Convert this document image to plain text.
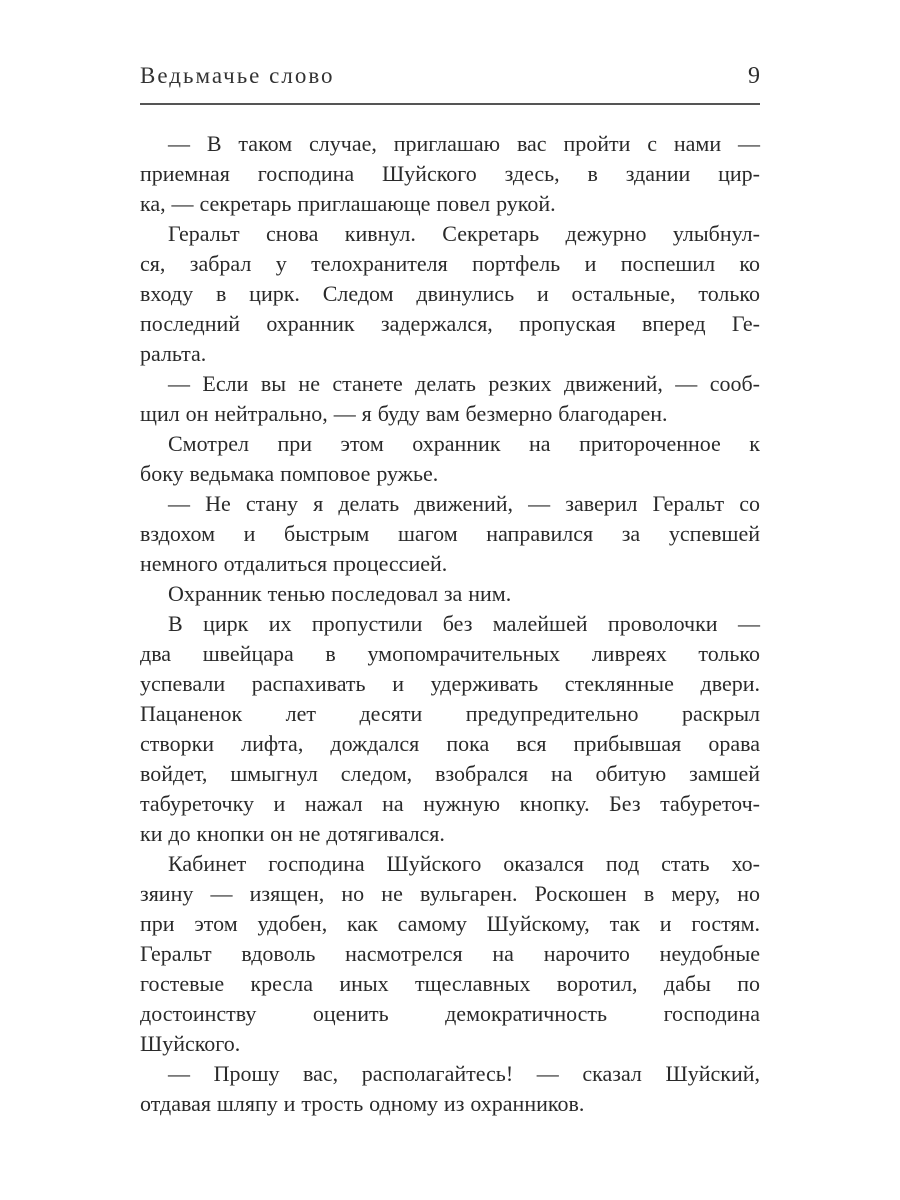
Ведьмачье слово	9
— В таком случае, приглашаю вас пройти с нами —
приемная господина Шуйского здесь, в здании цир-
ка, — секретарь приглашающе повел рукой.
Геральт снова кивнул. Секретарь дежурно улыбнул-
ся, забрал у телохранителя портфель и поспешил ко
входу в цирк. Следом двинулись и остальные, только
последний охранник задержался, пропуская вперед Ге-
ральта.
— Если вы не станете делать резких движений, — сооб-
щил он нейтрально, — я буду вам безмерно благодарен.
Смотрел при этом охранник на притороченное к
боку ведьмака помповое ружье.
— Не стану я делать движений, — заверил Геральт со
вздохом и быстрым шагом направился за успевшей
немного отдалиться процессией.
Охранник тенью последовал за ним.
В цирк их пропустили без малейшей проволочки —
два швейцара в умопомрачительных ливреях только
успевали распахивать и удерживать стеклянные двери.
Пацаненок лет десяти предупредительно раскрыл
створки лифта, дождался пока вся прибывшая орава
войдет, шмыгнул следом, взобрался на обитую замшей
табуреточку и нажал на нужную кнопку. Без табуреточ-
ки до кнопки он не дотягивался.
Кабинет господина Шуйского оказался под стать хо-
зяину — изящен, но не вульгарен. Роскошен в меру, но
при этом удобен, как самому Шуйскому, так и гостям.
Геральт вдоволь насмотрелся на нарочито неудобные
гостевые кресла иных тщеславных воротил, дабы по
достоинству оценить демократичность господина
Шуйского.
— Прошу вас, располагайтесь! — сказал Шуйский,
отдавая шляпу и трость одному из охранников.
